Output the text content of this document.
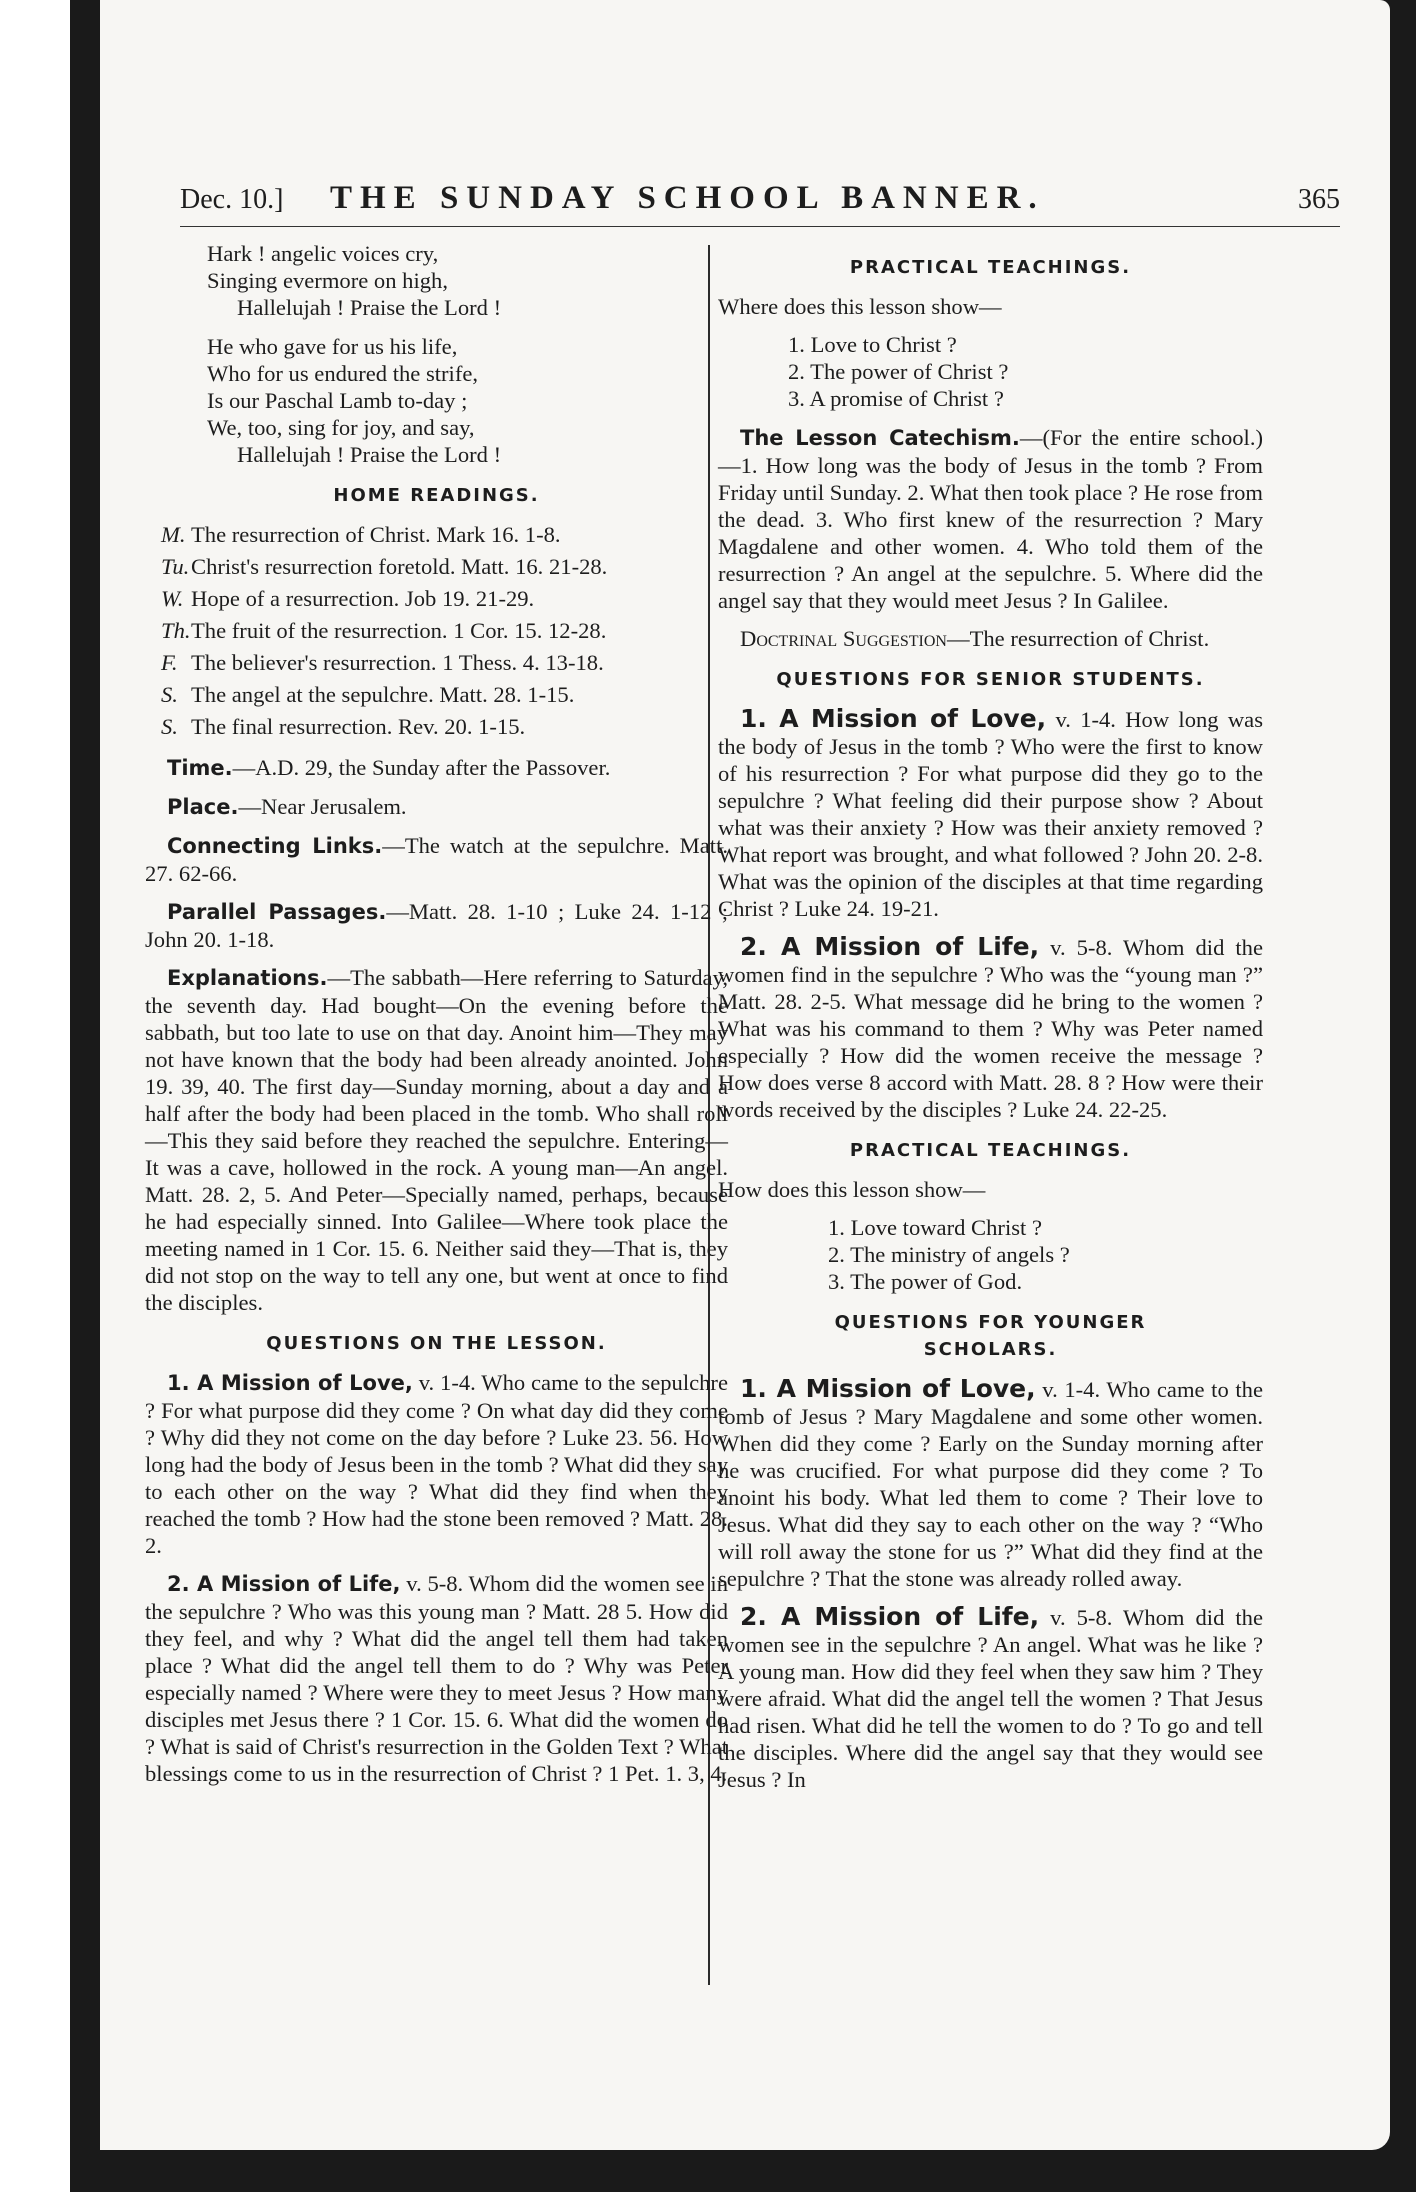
Dec. 10.] THE SUNDAY SCHOOL BANNER.	365
Hark ! angelic voices cry,
Singing evermore on high,
Hallelujah ! Praise the Lord !
He who gave for us his life,
Who for us endured the strife,
Is our Paschal Lamb to-day ;
We, too, sing for joy, and say,
Hallelujah ! Praise the Lord !
HOME READINGS.
M. The resurrection of Christ. Mark 16. 1-8.
Tu. Christ's resurrection foretold. Matt. 16. 21-28.
W. Hope of a resurrection. Job 19. 21-29.
Th. The fruit of the resurrection. 1 Cor. 15. 12-28.
F. The believer's resurrection. 1 Thess. 4. 13-18.
S. The angel at the sepulchre. Matt. 28. 1-15.
S. The final resurrection. Rev. 20. 1-15.

Time.—A.D. 29, the Sunday after the Passover.

Place.—Near Jerusalem.

Connecting Links.—The watch at the sepulchre. Matt. 27. 62-66.

Parallel Passages.—Matt. 28. 1-10 ; Luke 24. 1-12 ; John 20. 1-18.

Explanations.—The sabbath—Here referring to Saturday, the seventh day. Had bought—On the evening before the sabbath, but too late to use on that day. Anoint him—They may not have known that the body had been already anointed. John 19. 39, 40. The first day—Sunday morning, about a day and a half after the body had been placed in the tomb. Who shall roll—This they said before they reached the sepulchre. Entering—It was a cave, hollowed in the rock. A young man—An angel. Matt. 28. 2, 5. And Peter—Specially named, perhaps, because he had especially sinned. Into Galilee—Where took place the meeting named in 1 Cor. 15. 6. Neither said they—That is, they did not stop on the way to tell any one, but went at once to find the disciples.

QUESTIONS ON THE LESSON.

1. A Mission of Love, v. 1-4. Who came to the sepulchre ? For what purpose did they come ? On what day did they come ? Why did they not come on the day before ? Luke 23. 56. How long had the body of Jesus been in the tomb ? What did they say to each other on the way ? What did they find when they reached the tomb ? How had the stone been removed ? Matt. 28. 2.

2. A Mission of Life, v. 5-8. Whom did the women see in the sepulchre ? Who was this young man ? Matt. 28 5. How did they feel, and why ? What did the angel tell them had taken place ? What did the angel tell them to do ? Why was Peter especially named ? Where were they to meet Jesus ? How many disciples met Jesus there ? 1 Cor. 15. 6. What did the women do ? What is said of Christ's resurrection in the Golden Text ? What blessings come to us in the resurrection of Christ ? 1 Pet. 1. 3, 4.

PRACTICAL TEACHINGS.

Where does this lesson show—

1. Love to Christ ?
2. The power of Christ ?
3. A promise of Christ ?

The Lesson Catechism.—(For the entire school.)—1. How long was the body of Jesus in the tomb ? From Friday until Sunday. 2. What then took place ? He rose from the dead. 3. Who first knew of the resurrection ? Mary Magdalene and other women. 4. Who told them of the resurrection ? An angel at the sepulchre. 5. Where did the angel say that they would meet Jesus ? In Galilee.

Doctrinal Suggestion—The resurrection of Christ.

QUESTIONS FOR SENIOR STUDENTS.

1. A Mission of Love, v. 1-4. How long was the body of Jesus in the tomb ? Who were the first to know of his resurrection ? For what purpose did they go to the sepulchre ? What feeling did their purpose show ? About what was their anxiety ? How was their anxiety removed ? What report was brought, and what followed ? John 20. 2-8. What was the opinion of the disciples at that time regarding Christ ? Luke 24. 19-21.

2. A Mission of Life, v. 5-8. Whom did the women find in the sepulchre ? Who was the “young man ?” Matt. 28. 2-5. What message did he bring to the women ? What was his command to them ? Why was Peter named especially ? How did the women receive the message ? How does verse 8 accord with Matt. 28. 8 ? How were their words received by the disciples ? Luke 24. 22-25.

PRACTICAL TEACHINGS.

How does this lesson show—

1. Love toward Christ ?
2. The ministry of angels ?
3. The power of God.
QUESTIONS FOR YOUNGER
SCHOLARS.

1. A Mission of Love, v. 1-4. Who came to the tomb of Jesus ? Mary Magdalene and some other women. When did they come ? Early on the Sunday morning after he was crucified. For what purpose did they come ? To anoint his body. What led them to come ? Their love to Jesus. What did they say to each other on the way ? “Who will roll away the stone for us ?” What did they find at the sepulchre ? That the stone was already rolled away.

2. A Mission of Life, v. 5-8. Whom did the women see in the sepulchre ? An angel. What was he like ? A young man. How did they feel when they saw him ? They were afraid. What did the angel tell the women ? That Jesus had risen. What did he tell the women to do ? To go and tell the disciples. Where did the angel say that they would see Jesus ? In
